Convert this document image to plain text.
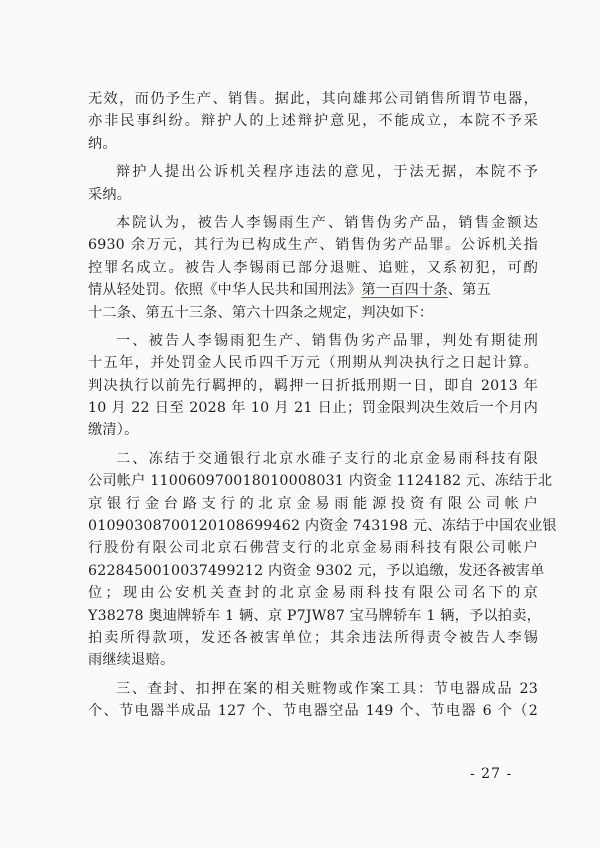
无效，而仍予生产、销售。据此，其向雄邦公司销售所谓节电器，
亦非民事纠纷。辩护人的上述辩护意见，不能成立，本院不予采
纳。
辩护人提出公诉机关程序违法的意见，于法无据，本院不予
采纳。
本院认为，被告人李锡雨生产、销售伪劣产品，销售金额达
6930 余万元，其行为已构成生产、销售伪劣产品罪。公诉机关指
控罪名成立。被告人李锡雨已部分退赃、追赃，又系初犯，可酌
情从轻处罚。依照《中华人民共和国刑法》第一百四十条、第五
十二条、第五十三条、第六十四条之规定，判决如下：
一、被告人李锡雨犯生产、销售伪劣产品罪，判处有期徒刑
十五年，并处罚金人民币四千万元（刑期从判决执行之日起计算。
判决执行以前先行羁押的，羁押一日折抵刑期一日，即自 2013 年
10 月 22 日至 2028 年 10 月 21 日止；罚金限判决生效后一个月内
缴清）。
二、冻结于交通银行北京水碓子支行的北京金易雨科技有限
公司帐户 110060970018010008031 内资金 1124182 元、冻结于北
京银行金台路支行的北京金易雨能源投资有限公司帐户
01090308700120108699462 内资金 743198 元、冻结于中国农业银
行股份有限公司北京石佛营支行的北京金易雨科技有限公司帐户
6228450010037499212 内资金 9302 元，予以追缴，发还各被害单
位；现由公安机关查封的北京金易雨科技有限公司名下的京
Y38278 奥迪牌轿车 1 辆、京 P7JW87 宝马牌轿车 1 辆，予以拍卖，
拍卖所得款项，发还各被害单位；其余违法所得责令被告人李锡
雨继续退赔。
三、查封、扣押在案的相关赃物或作案工具：节电器成品 23
个、节电器半成品 127 个、节电器空品 149 个、节电器 6 个（2
- 27 -
